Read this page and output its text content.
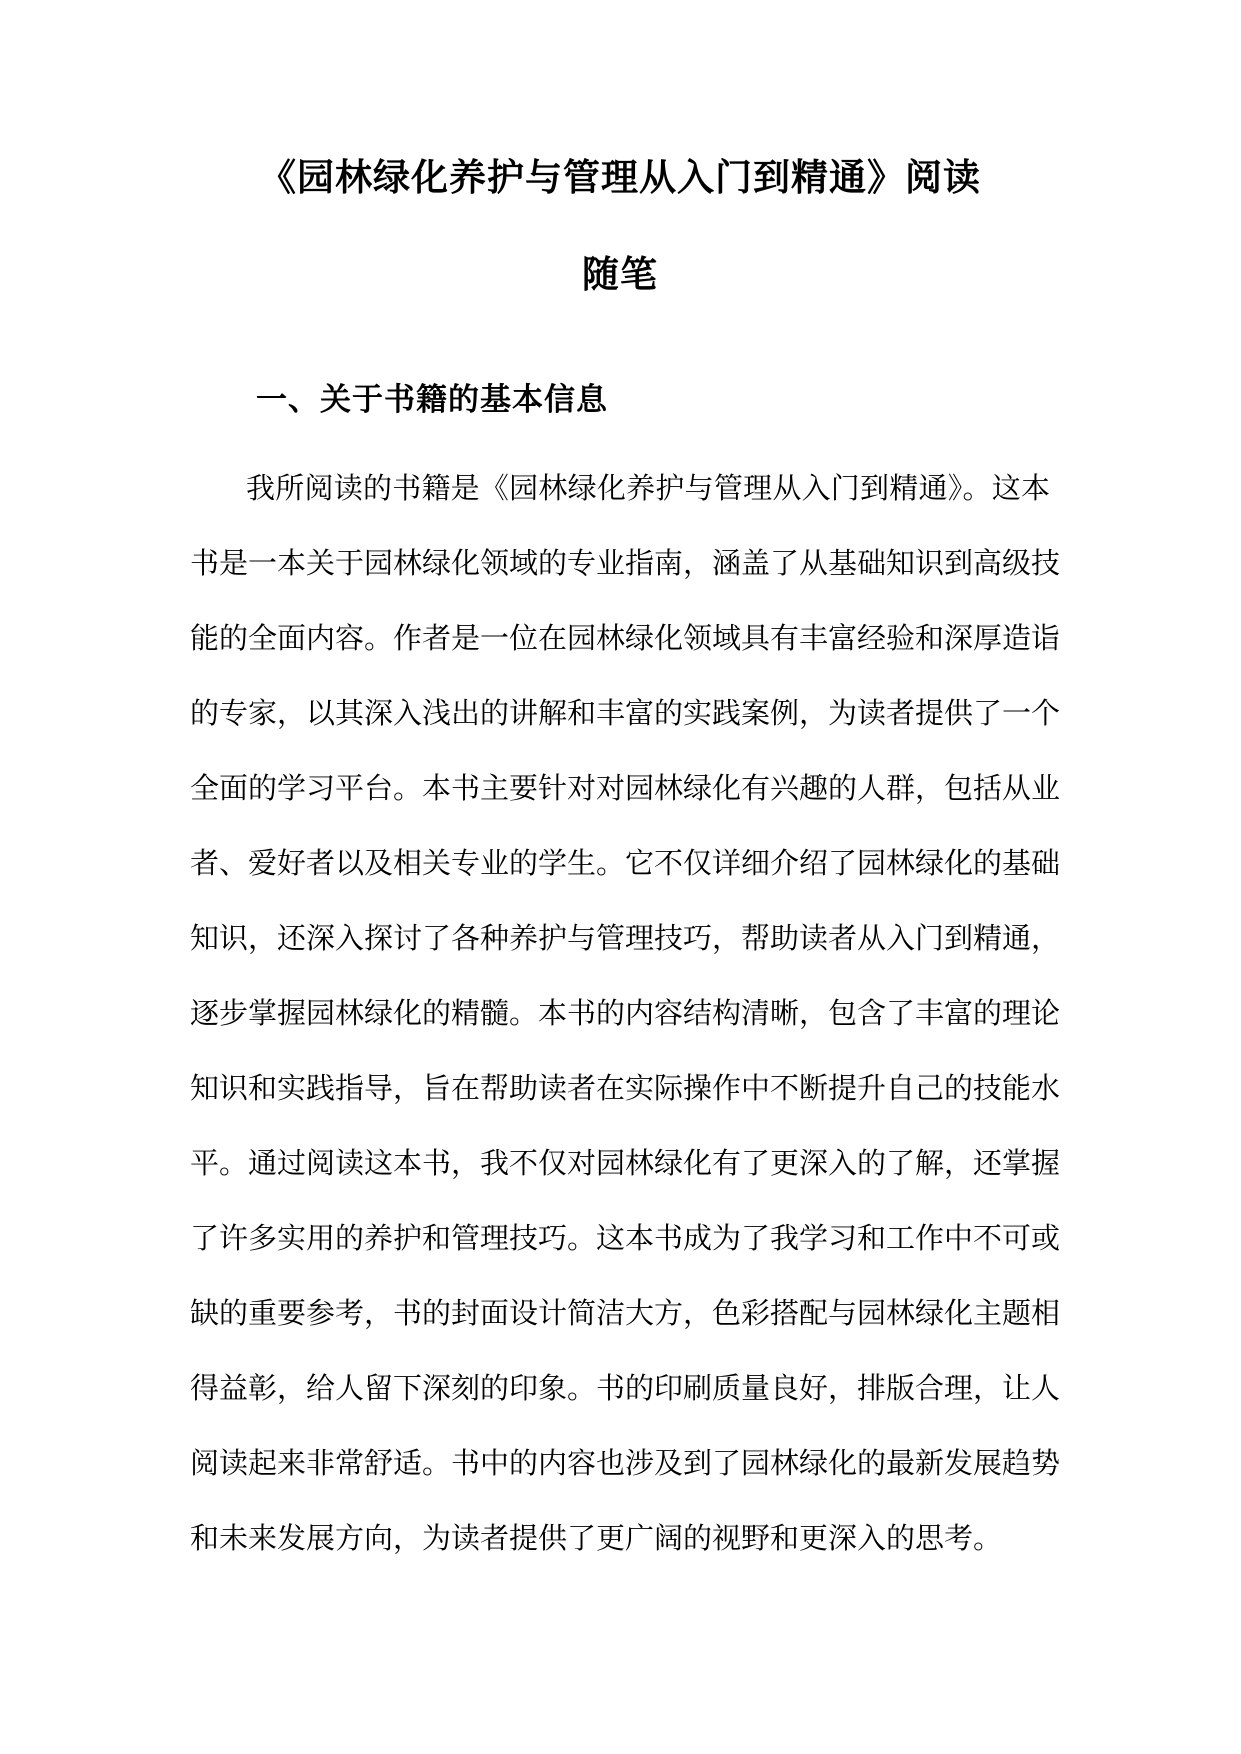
《园林绿化养护与管理从入门到精通》阅读
随笔
一、关于书籍的基本信息
我所阅读的书籍是《园林绿化养护与管理从入门到精通》。这本
书是一本关于园林绿化领域的专业指南，涵盖了从基础知识到高级技
能的全面内容。作者是一位在园林绿化领域具有丰富经验和深厚造诣
的专家，以其深入浅出的讲解和丰富的实践案例，为读者提供了一个
全面的学习平台。本书主要针对对园林绿化有兴趣的人群，包括从业
者、爱好者以及相关专业的学生。它不仅详细介绍了园林绿化的基础
知识，还深入探讨了各种养护与管理技巧，帮助读者从入门到精通，
逐步掌握园林绿化的精髓。本书的内容结构清晰，包含了丰富的理论
知识和实践指导，旨在帮助读者在实际操作中不断提升自己的技能水
平。通过阅读这本书，我不仅对园林绿化有了更深入的了解，还掌握
了许多实用的养护和管理技巧。这本书成为了我学习和工作中不可或
缺的重要参考，书的封面设计简洁大方，色彩搭配与园林绿化主题相
得益彰，给人留下深刻的印象。书的印刷质量良好，排版合理，让人
阅读起来非常舒适。书中的内容也涉及到了园林绿化的最新发展趋势
和未来发展方向，为读者提供了更广阔的视野和更深入的思考。
